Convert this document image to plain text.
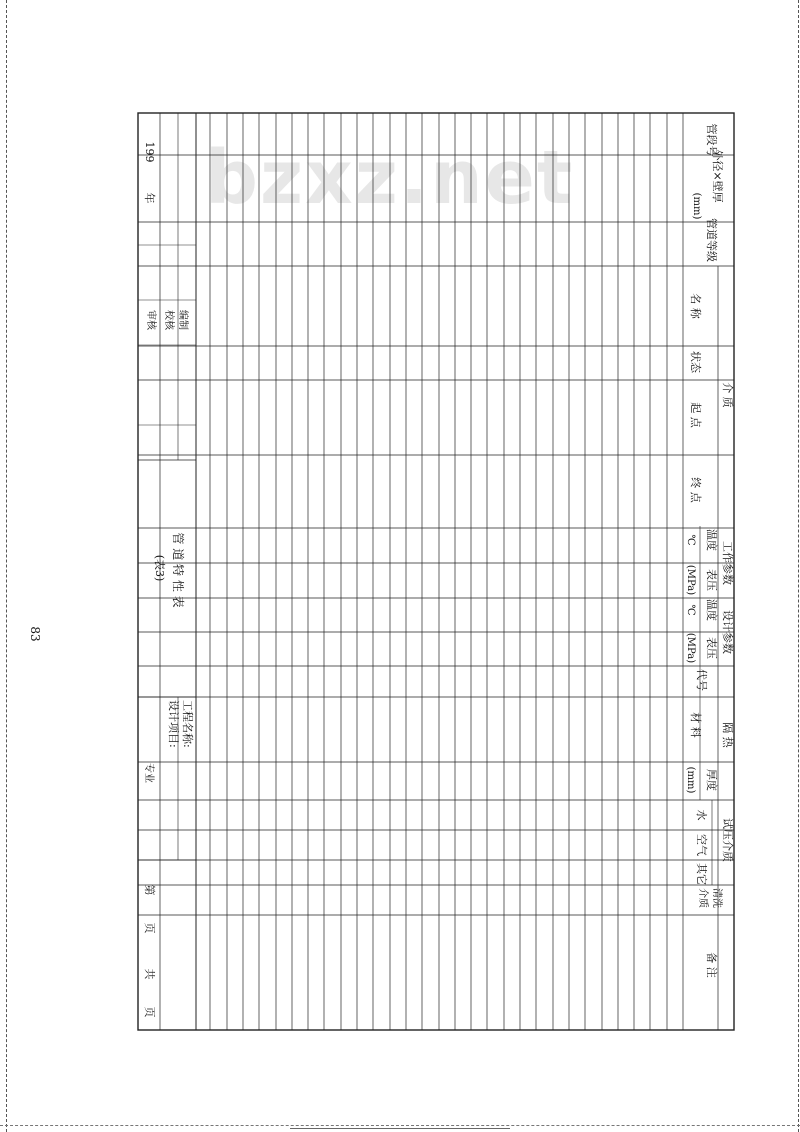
83
bzxz.net	管段号
外径×壁厚
(mm)
管道等级
介 质
名 称
状态
起 点
终 点
工作参数
温度
℃
表压
(MPa)
设计参数
温度
℃
表压
(MPa)
隔 热
代号
材 料
厚度
(mm)
试压介质
水
空气
其它
清洗
介质
备 注
管 道 特 性 表
(表3)
工程名称:
设计项目:
专业
199
年
编制
校核
审核
第
页
共
页
